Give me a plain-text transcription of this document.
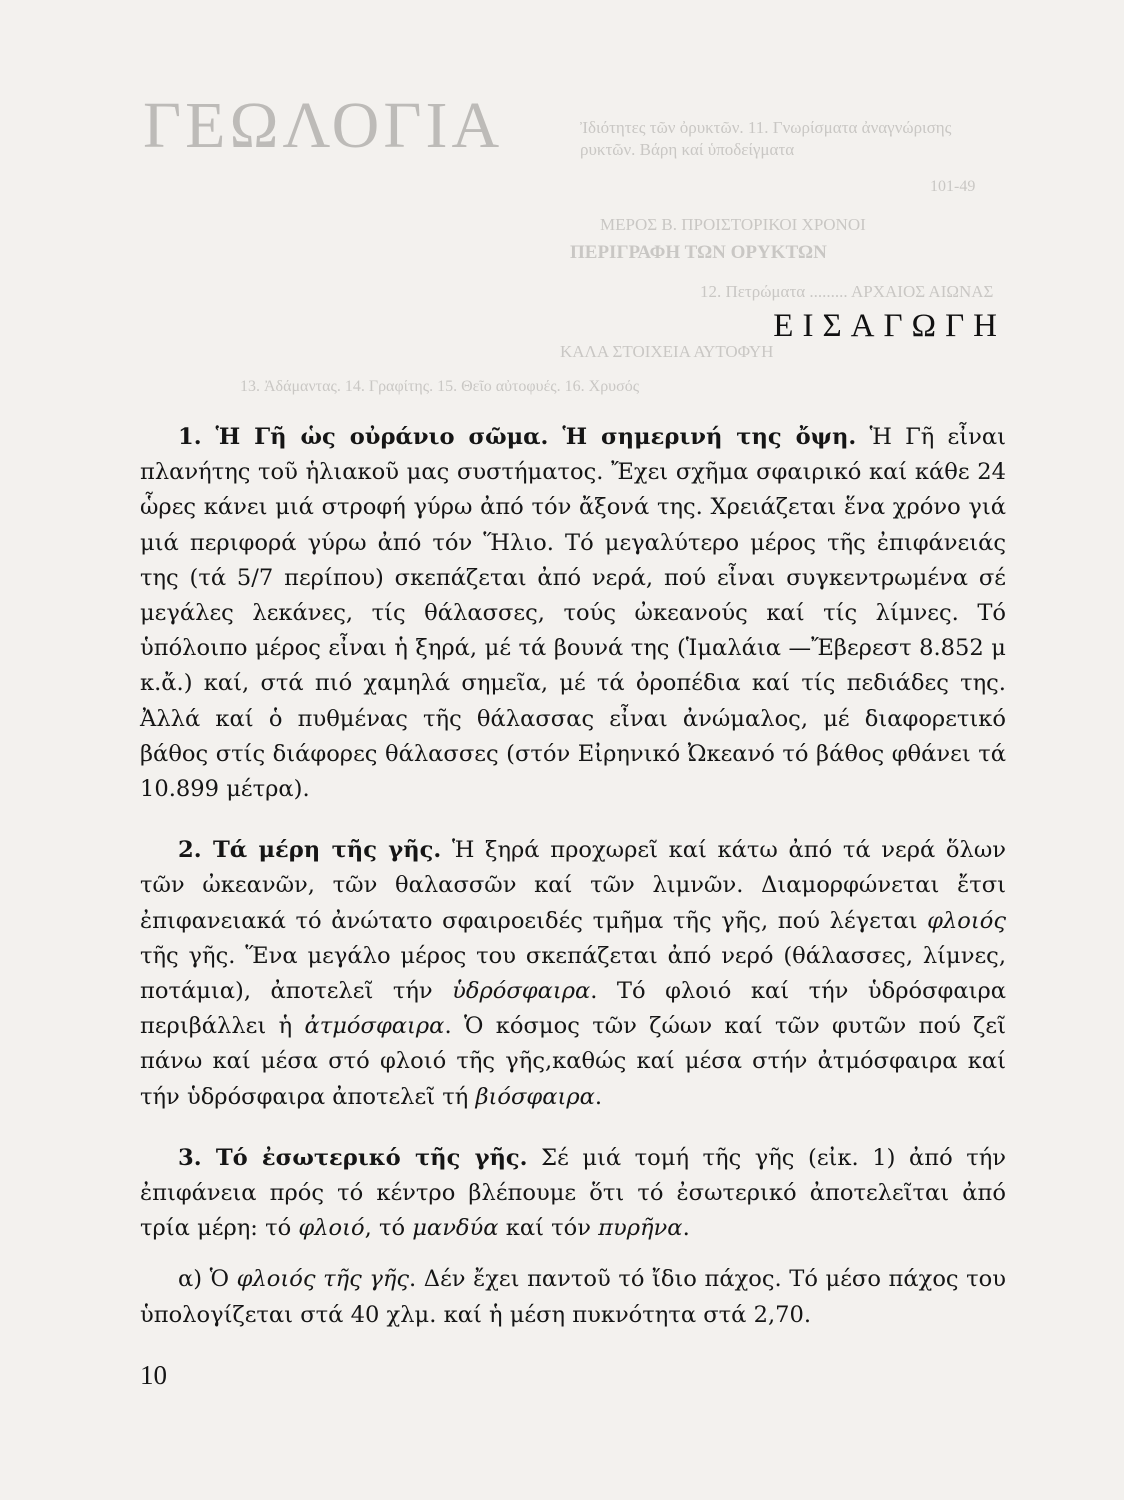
Ἰδιότητες τῶν ὀρυκτῶν. 11. Γνωρίσματα ἀναγνώρισης
ρυκτῶν. Βάρη καί ὑποδείγματα
101-49
ΜΕΡΟΣ Β. ΠΡΟΙΣΤΟΡΙΚΟΙ ΧΡΟΝΟΙ
ΠΕΡΙΓΡΑΦΗ ΤΩΝ ΟΡΥΚΤΩΝ
12. Πετρώματα ......... ΑΡΧΑΙΟΣ ΑΙΩΝΑΣ
ΚΑΛΑ ΣΤΟΙΧΕΙΑ ΑΥΤΟΦΥΗ
13. Ἀδάμαντας. 14. Γραφίτης. 15. Θεῖο αὐτοφυές. 16. Χρυσός
ΓΕΩΛΟΓΙΑ
ΕΙΣΑΓΩΓΗ

1. Ἡ Γῆ ὡς οὐράνιο σῶμα. Ἡ σημερινή της ὄψη. Ἡ Γῆ εἶναι πλανήτης τοῦ ἡλιακοῦ μας συστήματος. Ἔχει σχῆμα σφαιρικό καί κάθε 24 ὧρες κάνει μιά στροφή γύρω ἀπό τόν ἄξονά της. Χρειάζεται ἕνα χρόνο γιά μιά περιφορά γύρω ἀπό τόν Ἥλιο. Τό μεγαλύτερο μέρος τῆς ἐπιφάνειάς της (τά 5/7 περίπου) σκεπάζεται ἀπό νερά, πού εἶναι συγκεντρωμένα σέ μεγάλες λεκάνες, τίς θάλασσες, τούς ὠκεανούς καί τίς λίμνες. Τό ὑπόλοιπο μέρος εἶναι ἡ ξηρά, μέ τά βουνά της (Ἱμαλάια —Ἔβερεστ 8.852 μ κ.ἄ.) καί, στά πιό χαμηλά σημεῖα, μέ τά ὀροπέδια καί τίς πεδιάδες της. Ἀλλά καί ὁ πυθμένας τῆς θάλασσας εἶναι ἀνώμαλος, μέ διαφορετικό βάθος στίς διάφορες θάλασσες (στόν Εἰρηνικό Ὠκεανό τό βάθος φθάνει τά 10.899 μέτρα).

2. Τά μέρη τῆς γῆς. Ἡ ξηρά προχωρεῖ καί κάτω ἀπό τά νερά ὅλων τῶν ὠκεανῶν, τῶν θαλασσῶν καί τῶν λιμνῶν. Διαμορφώνεται ἔτσι ἐπιφανειακά τό ἀνώτατο σφαιροειδές τμῆμα τῆς γῆς, πού λέγεται φλοιός τῆς γῆς. Ἕνα μεγάλο μέρος του σκεπάζεται ἀπό νερό (θάλασσες, λίμνες, ποτάμια), ἀποτελεῖ τήν ὑδρόσφαιρα. Τό φλοιό καί τήν ὑδρόσφαιρα περιβάλλει ἡ ἀτμόσφαιρα. Ὁ κόσμος τῶν ζώων καί τῶν φυτῶν πού ζεῖ πάνω καί μέσα στό φλοιό τῆς γῆς,καθώς καί μέσα στήν ἀτμόσφαιρα καί τήν ὑδρόσφαιρα ἀποτελεῖ τή βιόσφαιρα.

3. Τό ἐσωτερικό τῆς γῆς. Σέ μιά τομή τῆς γῆς (εἰκ. 1) ἀπό τήν ἐπιφάνεια πρός τό κέντρο βλέπουμε ὅτι τό ἐσωτερικό ἀποτελεῖται ἀπό τρία μέρη: τό φλοιό, τό μανδύα καί τόν πυρῆνα.

α) Ὁ φλοιός τῆς γῆς. Δέν ἔχει παντοῦ τό ἴδιο πάχος. Τό μέσο πάχος του ὑπολογίζεται στά 40 χλμ. καί ἡ μέση πυκνότητα στά 2,70.

10
